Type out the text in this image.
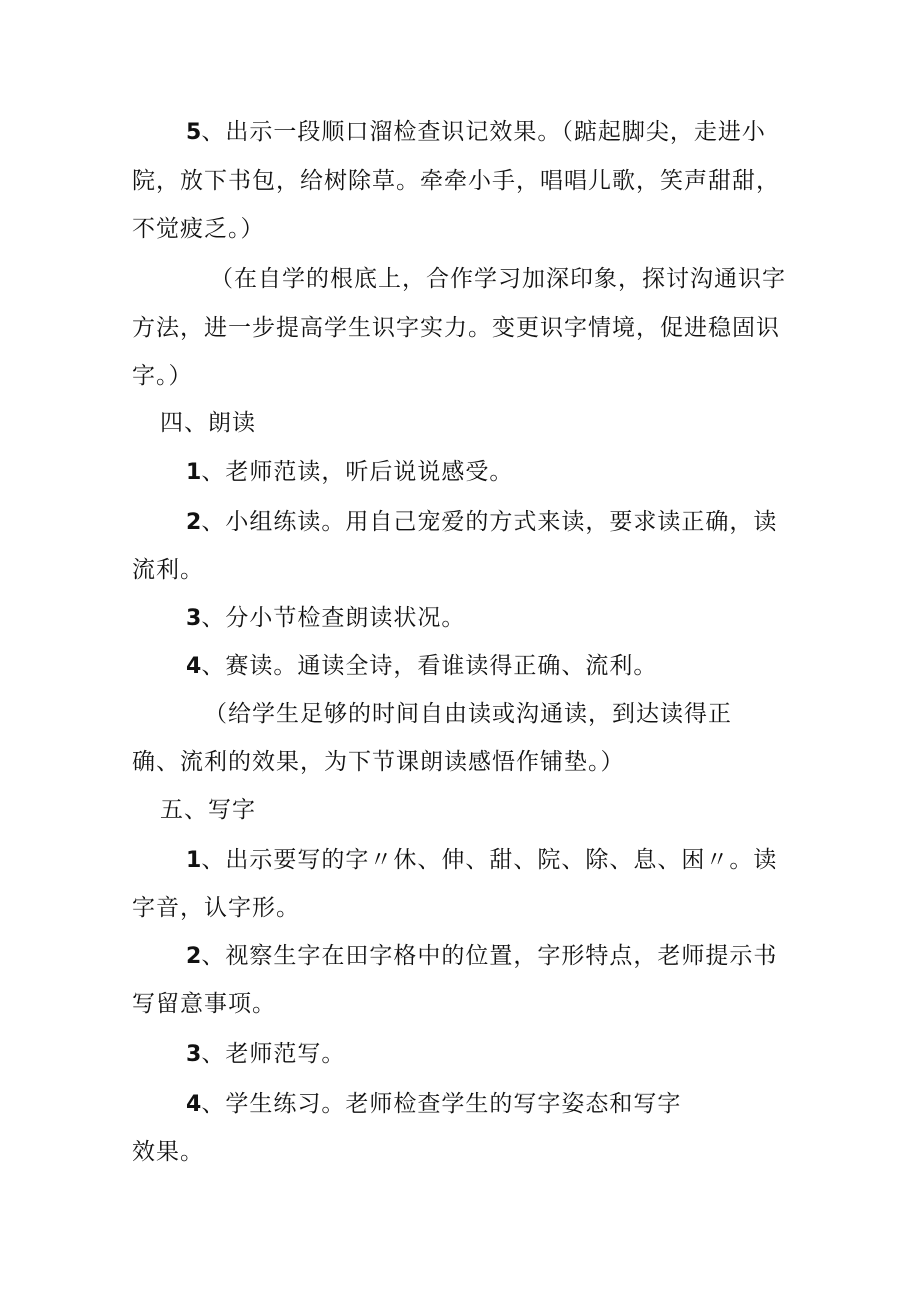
5、出示一段顺口溜检查识记效果。（踮起脚尖，走进小
院，放下书包，给树除草。牵牵小手，唱唱儿歌，笑声甜甜，
不觉疲乏。）
（在自学的根底上，合作学习加深印象，探讨沟通识字
方法，进一步提高学生识字实力。变更识字情境，促进稳固识
字。）
四、朗读
1、老师范读，听后说说感受。
2、小组练读。用自己宠爱的方式来读，要求读正确，读
流利。
3、分小节检查朗读状况。
4、赛读。通读全诗，看谁读得正确、流利。
（给学生足够的时间自由读或沟通读，到达读得正
确、流利的效果，为下节课朗读感悟作铺垫。）
五、写字
1、出示要写的字〃休、伸、甜、院、除、息、困〃。读
字音，认字形。
2、视察生字在田字格中的位置，字形特点，老师提示书
写留意事项。
3、老师范写。
4、学生练习。老师检查学生的写字姿态和写字
效果。
